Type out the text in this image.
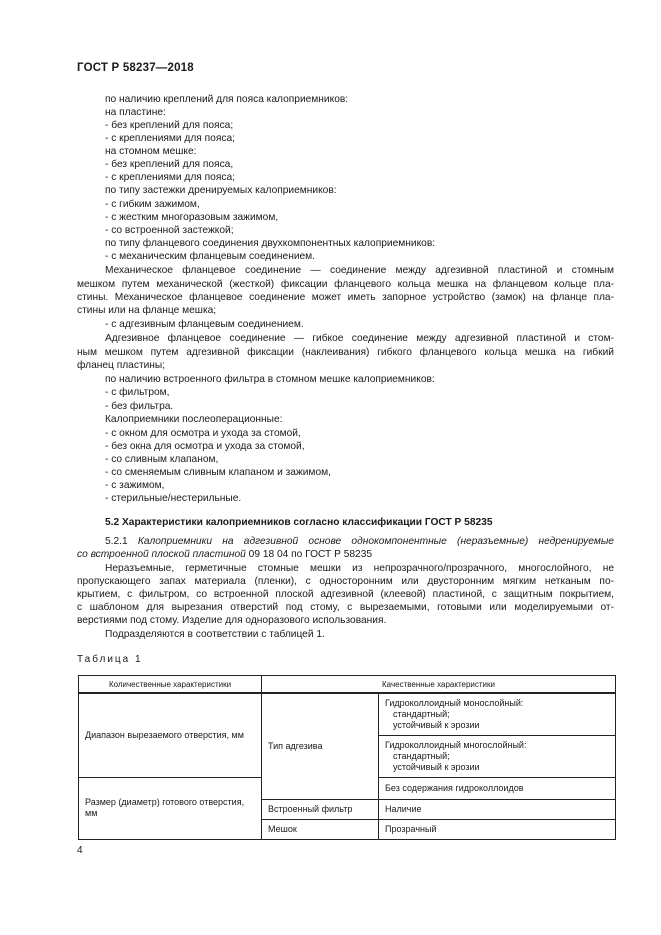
ГОСТ Р 58237—2018
по наличию креплений для пояса калоприемников:
на пластине:
- без креплений для пояса;
- с креплениями для пояса;
на стомном мешке:
- без креплений для пояса,
- с креплениями для пояса;
по типу застежки дренируемых калоприемников:
- с гибким зажимом,
- с жестким многоразовым зажимом,
- со встроенной застежкой;
по типу фланцевого соединения двухкомпонентных калоприемников:
- с механическим фланцевым соединением.
Механическое фланцевое соединение — соединение между адгезивной пластиной и стомным
мешком путем механической (жесткой) фиксации фланцевого кольца мешка на фланцевом кольце пла-
стины. Механическое фланцевое соединение может иметь запорное устройство (замок) на фланце пла-
стины или на фланце мешка;
- с адгезивным фланцевым соединением.
Адгезивное фланцевое соединение — гибкое соединение между адгезивной пластиной и стом-
ным мешком путем адгезивной фиксации (наклеивания) гибкого фланцевого кольца мешка на гибкий
фланец пластины;
по наличию встроенного фильтра в стомном мешке калоприемников:
- с фильтром,
- без фильтра.
Калоприемники послеоперационные:
- с окном для осмотра и ухода за стомой,
- без окна для осмотра и ухода за стомой,
- со сливным клапаном,
- со сменяемым сливным клапаном и зажимом,
- с зажимом,
- стерильные/нестерильные.
5.2 Характеристики калоприемников согласно классификации ГОСТ Р 58235
5.2.1 Калоприемники на адгезивной основе однокомпонентные (неразъемные) недренируемые
со встроенной плоской пластиной 09 18 04 по ГОСТ Р 58235
Неразъемные, герметичные стомные мешки из непрозрачного/прозрачного, многослойного, не
пропускающего запах материала (пленки), с односторонним или двусторонним мягким нетканым по-
крытием, с фильтром, со встроенной плоской адгезивной (клеевой) пластиной, с защитным покрытием,
с шаблоном для вырезания отверстий под стому, с вырезаемыми, готовыми или моделируемыми от-
верстиями под стому. Изделие для одноразового использования.
Подразделяются в соответствии с таблицей 1.
Таблица 1
Количественные характеристики	Качественные характеристики	
Диапазон вырезаемого отверстия, мм	Тип адгезива	Гидроколлоидный монослойный:
стандартный;
устойчивый к эрозии

		Гидроколлоидный многослойный:
стандартный;
устойчивый к эрозии

Размер (диаметр) готового отверстия, мм		Без содержания гидроколлоидов
	Встроенный фильтр	Наличие
	Мешок	Прозрачный
4
